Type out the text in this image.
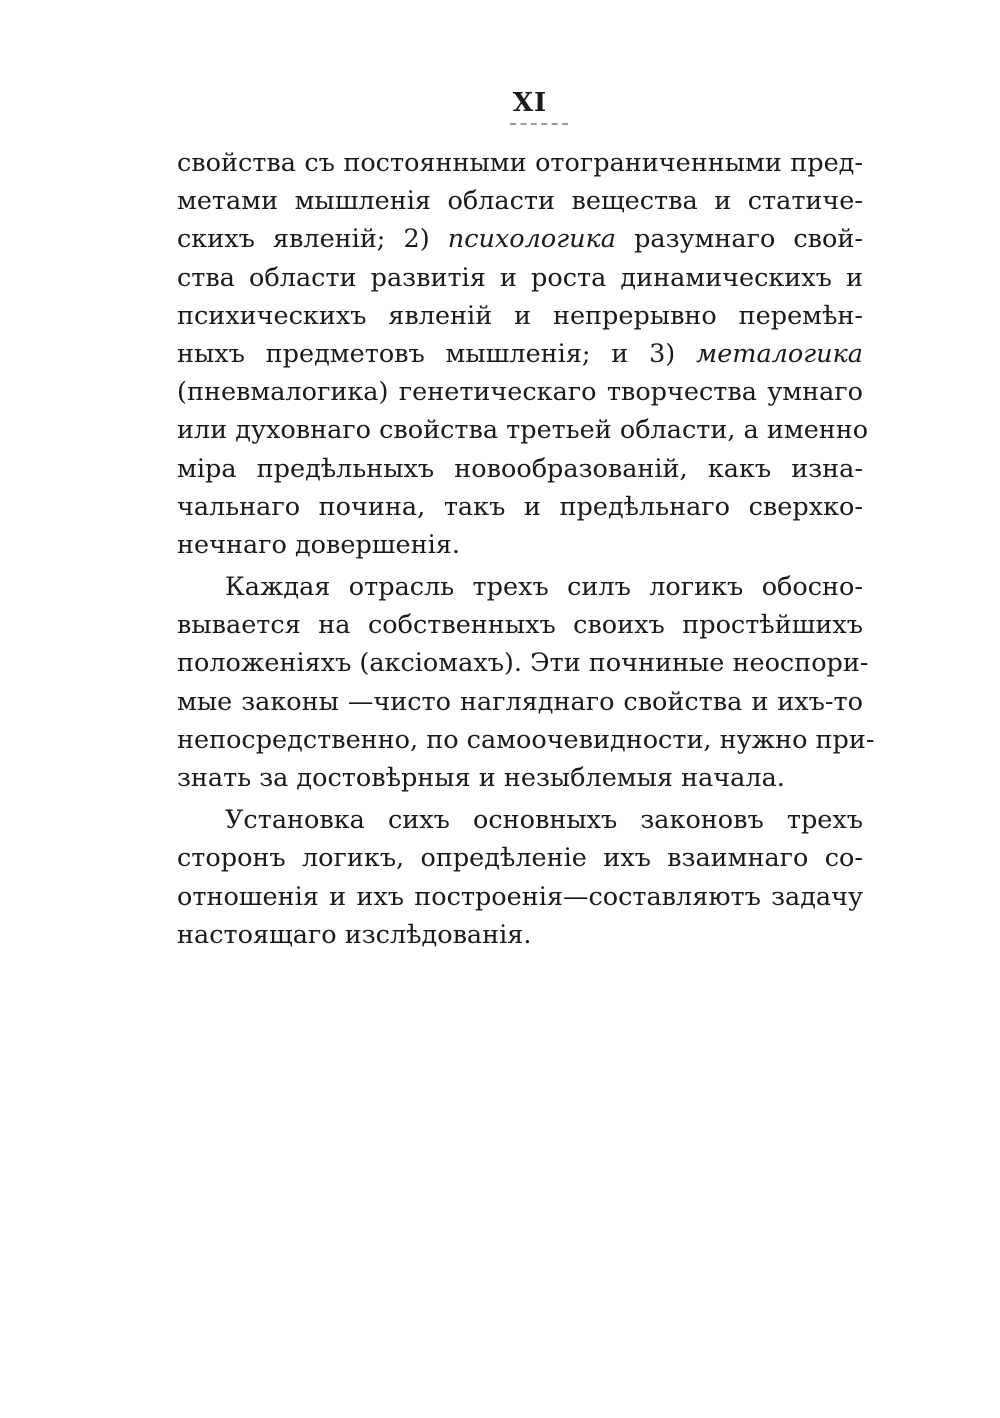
XI
свойства съ постоянными отограниченными пред-
метами мышленія области вещества и статиче-
скихъ явленій; 2) психологика разумнаго свой-
ства области развитія и роста динамическихъ и
психическихъ явленій и непрерывно перемѣн-
ныхъ предметовъ мышленія; и 3) металогика
(пневмалогика) генетическаго творчества умнаго
или духовнаго свойства третьей области, а именно
міра предѣльныхъ новообразованій, какъ изна-
чальнаго почина, такъ и предѣльнаго сверхко-
нечнаго довершенія.
Каждая отрасль трехъ силъ логикъ обосно-
вывается на собственныхъ своихъ простѣйшихъ
положеніяхъ (аксіомахъ). Эти почниные неоспори-
мые законы —чисто нагляднаго свойства и ихъ-то
непосредственно, по самоочевидности, нужно при-
знать за достовѣрныя и незыблемыя начала.
Установка сихъ основныхъ законовъ трехъ
сторонъ логикъ, опредѣленіе ихъ взаимнаго со-
отношенія и ихъ построенія—составляютъ задачу
настоящаго изслѣдованія.
